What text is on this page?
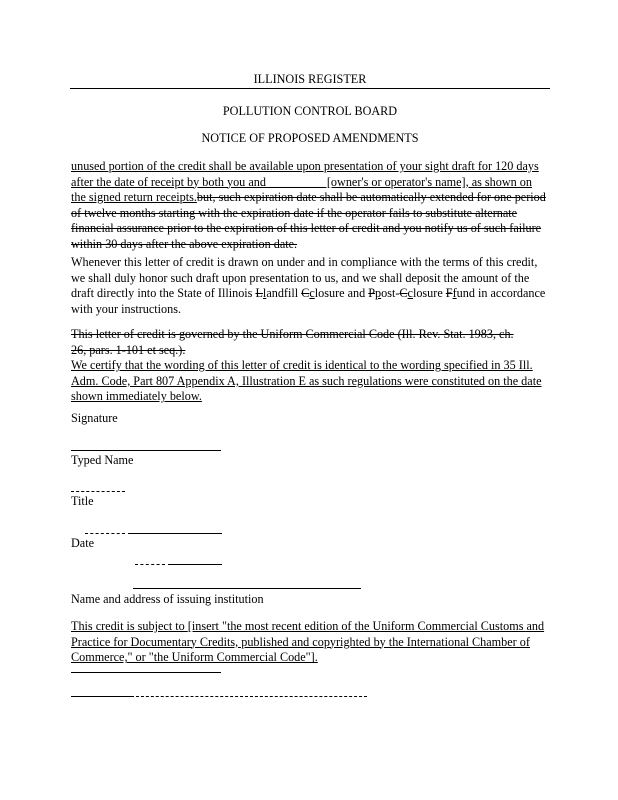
ILLINOIS REGISTER
POLLUTION CONTROL BOARD
NOTICE OF PROPOSED AMENDMENTS
unused portion of the credit shall be available upon presentation of your sight draft for 120 days
after the date of receipt by both you and _________ [owner's or operator's name], as shown on
the signed return receipts.but, such expiration date shall be automatically extended for one period
of twelve months starting with the expiration date if the operator fails to substitute alternate
financial assurance prior to the expiration of this letter of credit and you notify us of such failure
within 30 days after the above expiration date.
Whenever this letter of credit is drawn on under and in compliance with the terms of this credit,
we shall duly honor such draft upon presentation to us, and we shall deposit the amount of the
draft directly into the State of Illinois Llandfill Cclosure and Ppost-Cclosure Ffund in accordance
with your instructions.
This letter of credit is governed by the Uniform Commercial Code (Ill. Rev. Stat. 1983, ch.
26, pars. 1-101 et seq.).
We certify that the wording of this letter of credit is identical to the wording specified in 35 Ill.
Adm. Code, Part 807 Appendix A, Illustration E as such regulations were constituted on the date
shown immediately below.
Signature
Typed Name
Title
Date
Name and address of issuing institution
This credit is subject to [insert "the most recent edition of the Uniform Commercial Customs and
Practice for Documentary Credits, published and copyrighted by the International Chamber of
Commerce," or "the Uniform Commercial Code"].
